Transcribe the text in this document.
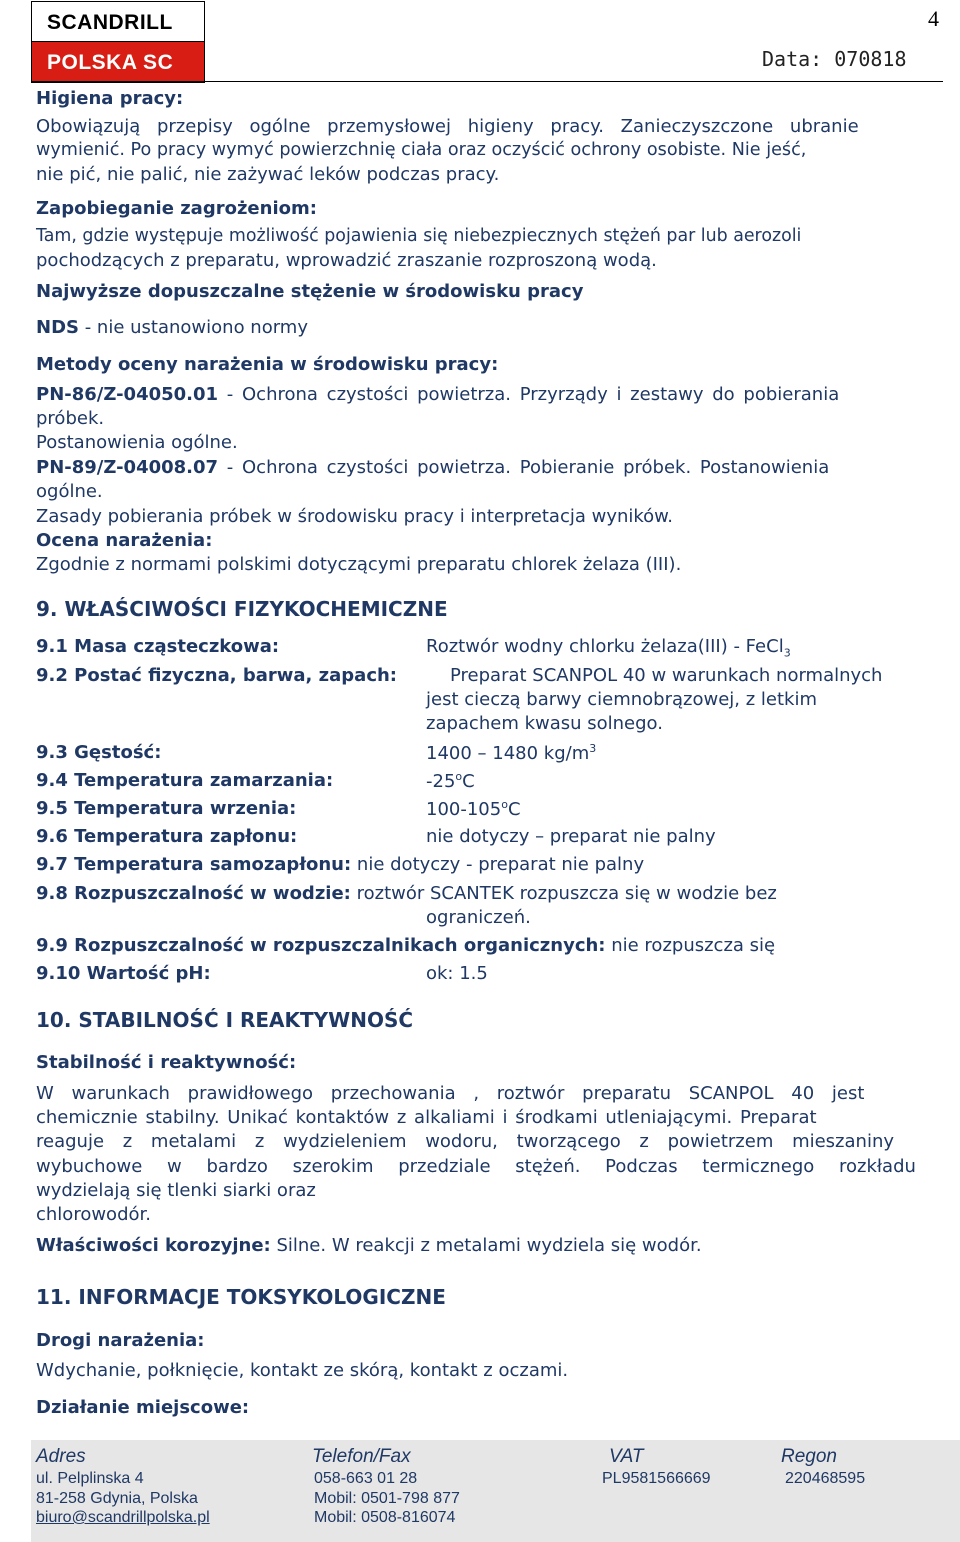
SCANDRILL
POLSKA SC
4
Data: 070818
Higiena pracy:
Obowiązują przepisy ogólne przemysłowej higieny pracy. Zanieczyszczone ubranie
wymienić. Po pracy wymyć powierzchnię ciała oraz oczyścić ochrony osobiste. Nie jeść,
nie pić, nie palić, nie zażywać leków podczas pracy.
Zapobieganie zagrożeniom:
Tam, gdzie występuje możliwość pojawienia się niebezpiecznych stężeń par lub aerozoli
pochodzących z preparatu, wprowadzić zraszanie rozproszoną wodą.
Najwyższe dopuszczalne stężenie w środowisku pracy
NDS - nie ustanowiono normy
Metody oceny narażenia w środowisku pracy:
PN-86/Z-04050.01 - Ochrona czystości powietrza. Przyrządy i zestawy do pobierania
próbek.
Postanowienia ogólne.
PN-89/Z-04008.07 - Ochrona czystości powietrza. Pobieranie próbek. Postanowienia
ogólne.
Zasady pobierania próbek w środowisku pracy i interpretacja wyników.
Ocena narażenia:
Zgodnie z normami polskimi dotyczącymi preparatu chlorek żelaza (III).
9. WŁAŚCIWOŚCI FIZYKOCHEMICZNE
9.1 Masa cząsteczkowa:	Roztwór wodny chlorku żelaza(III) - FeCl$_3$
9.2 Postać fizyczna, barwa, zapach:	Preparat SCANPOL 40 w warunkach normalnych
jest cieczą barwy ciemnobrązowej, z letkim
zapachem kwasu solnego.
9.3 Gęstość:	1400 – 1480 $kg/m^3$
9.4 Temperatura zamarzania:	-25$^o$C
9.5 Temperatura wrzenia:	100-105$^o$C
9.6 Temperatura zapłonu:	nie dotyczy – preparat nie palny
9.7 Temperatura samozapłonu: nie dotyczy - preparat nie palny
9.8 Rozpuszczalność w wodzie: roztwór SCANTEK rozpuszcza się w wodzie bez
ograniczeń.
9.9 Rozpuszczalność w rozpuszczalnikach organicznych: nie rozpuszcza się
9.10 Wartość pH:	ok: 1.5
10. STABILNOŚĆ I REAKTYWNOŚĆ
Stabilność i reaktywność:
W warunkach prawidłowego przechowania , roztwór preparatu SCANPOL 40 jest
chemicznie stabilny. Unikać kontaktów z alkaliami i środkami utleniającymi. Preparat
reaguje z metalami z wydzieleniem wodoru, tworzącego z powietrzem mieszaniny
wybuchowe w bardzo szerokim przedziale stężeń. Podczas termicznego rozkładu
wydzielają się tlenki siarki oraz
chlorowodór.
Właściwości korozyjne: Silne. W reakcji z metalami wydziela się wodór.
11. INFORMACJE TOKSYKOLOGICZNE
Drogi narażenia:
Wdychanie, połknięcie, kontakt ze skórą, kontakt z oczami.
Działanie miejscowe:
Adres
ul. Pelplinska 4
81-258 Gdynia, Polska
biuro@scandrillpolska.pl
Telefon/Fax
058-663 01 28
Mobil: 0501-798 877
Mobil: 0508-816074
VAT
PL9581566669
Regon
220468595
